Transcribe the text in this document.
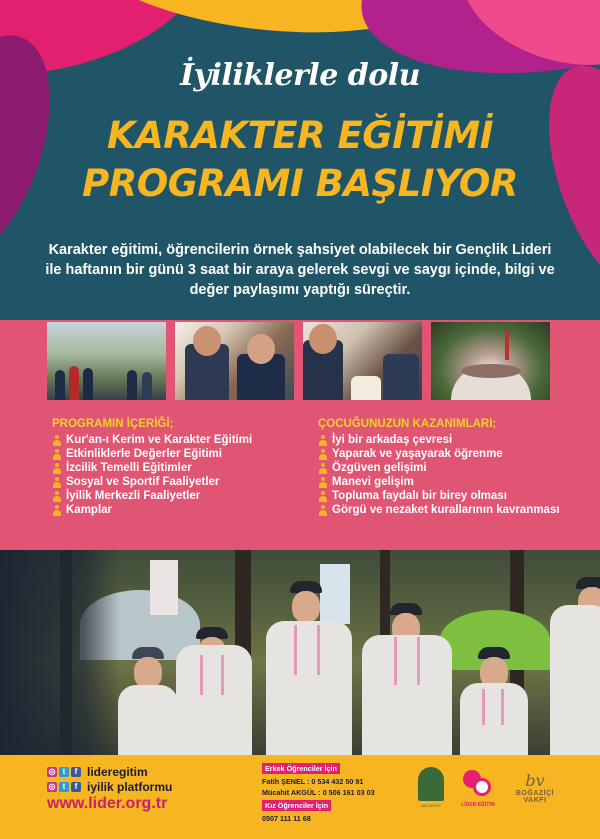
İyiliklerle dolu
KARAKTER EĞİTİMİ
PROGRAMI BAŞLIYOR
Karakter eğitimi, öğrencilerin örnek şahsiyet olabilecek bir Gençlik Lideri ile haftanın bir günü 3 saat bir araya gelerek sevgi ve saygı içinde, bilgi ve değer paylaşımı yaptığı süreçtir.
PROGRAMIN İÇERİĞİ;
Kur'an-ı Kerim ve Karakter Eğitimi
Etkinliklerle Değerler Eğitimi
İzcilik Temelli Eğitimler
Sosyal ve Sportif Faaliyetler
İyilik Merkezli Faaliyetler
Kamplar
ÇOCUĞUNUZUN KAZANIMLARI;
İyi bir arkadaş çevresi
Yaparak ve yaşayarak öğrenme
Özgüven gelişimi
Manevi gelişim
Topluma faydalı bir birey olması
Görgü ve nezaket kurallarının kavranması
◎ t	f lideregitim
◎ t	f iyilik platformu
www.lider.org.tr
Erkek Öğrenciler İçin
Fatih ŞENEL : 0 534 432 50 91
Mücahit AKGÜL : 0 506 161 03 03
Kız Öğrenciler İçin
0507 111 11 68
BELEDİYE	LİDER EĞİTİM
bv
BOĞAZİÇİ VAKFI
